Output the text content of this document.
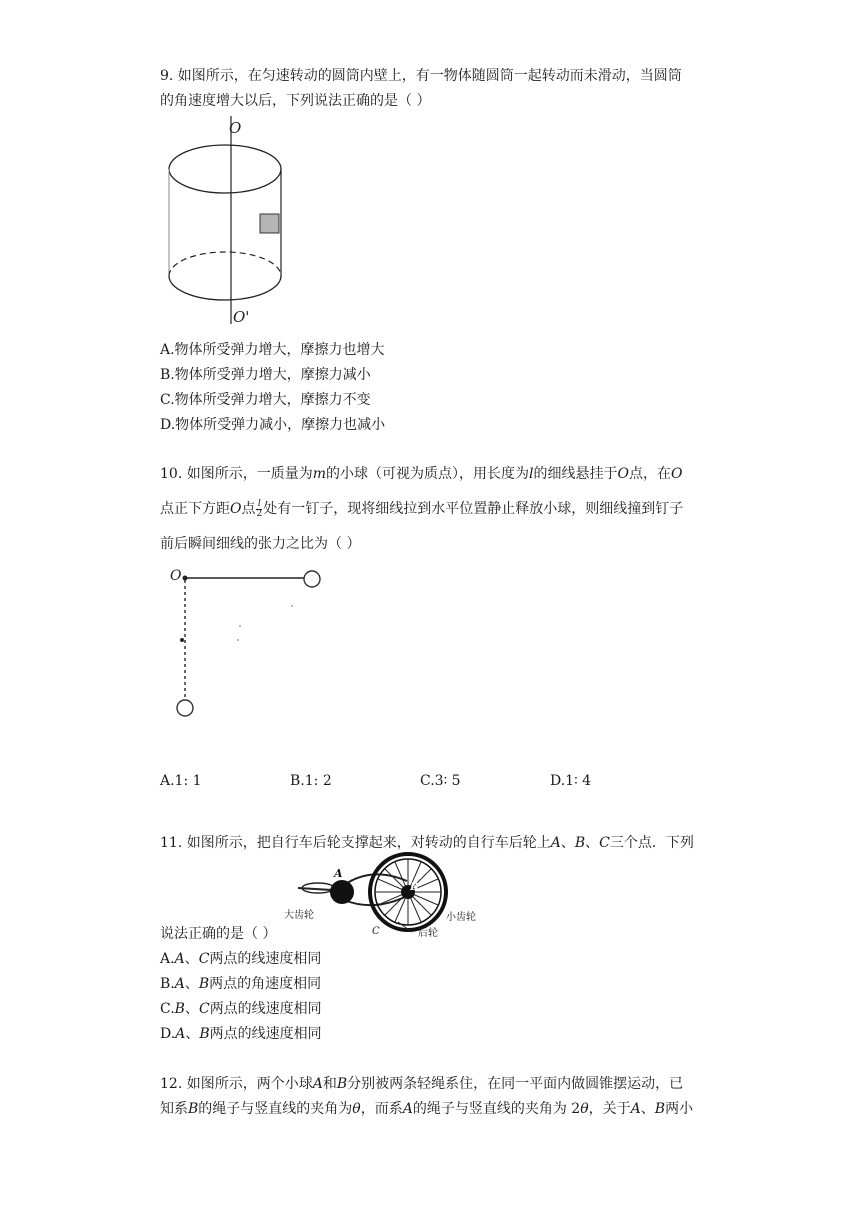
9. 如图所示，在匀速转动的圆筒内壁上，有一物体随圆筒一起转动而未滑动，当圆筒
的角速度增大以后，下列说法正确的是（ ）
O
O'
A.物体所受弹力增大，摩擦力也增大
B.物体所受弹力增大，摩擦力减小
C.物体所受弹力增大，摩擦力不变
D.物体所受弹力减小，摩擦力也减小
10. 如图所示，一质量为m的小球（可视为质点），用长度为l的细线悬挂于O点，在O
点正下方距O点 $\frac{l}{2}$ 处有一钉子，现将细线拉到水平位置静止释放小球，则细线撞到钉子
前后瞬间细线的张力之比为（ ）
O
A.1: 1	B.1: 2	C.3∶ 5	D.1∶ 4
11. 如图所示，把自行车后轮支撑起来，对转动的自行车后轮上A、B、C三个点．下列
A
B
C
大齿轮	小齿轮
后轮
说法正确的是（ ）
A.A、C两点的线速度相同
B.A、B两点的角速度相同
C.B、C两点的线速度相同
D.A、B两点的线速度相同
12. 如图所示，两个小球A和B分别被两条轻绳系住，在同一平面内做圆锥摆运动，已
知系B的绳子与竖直线的夹角为θ，而系A的绳子与竖直线的夹角为 2θ，关于A、B两小
